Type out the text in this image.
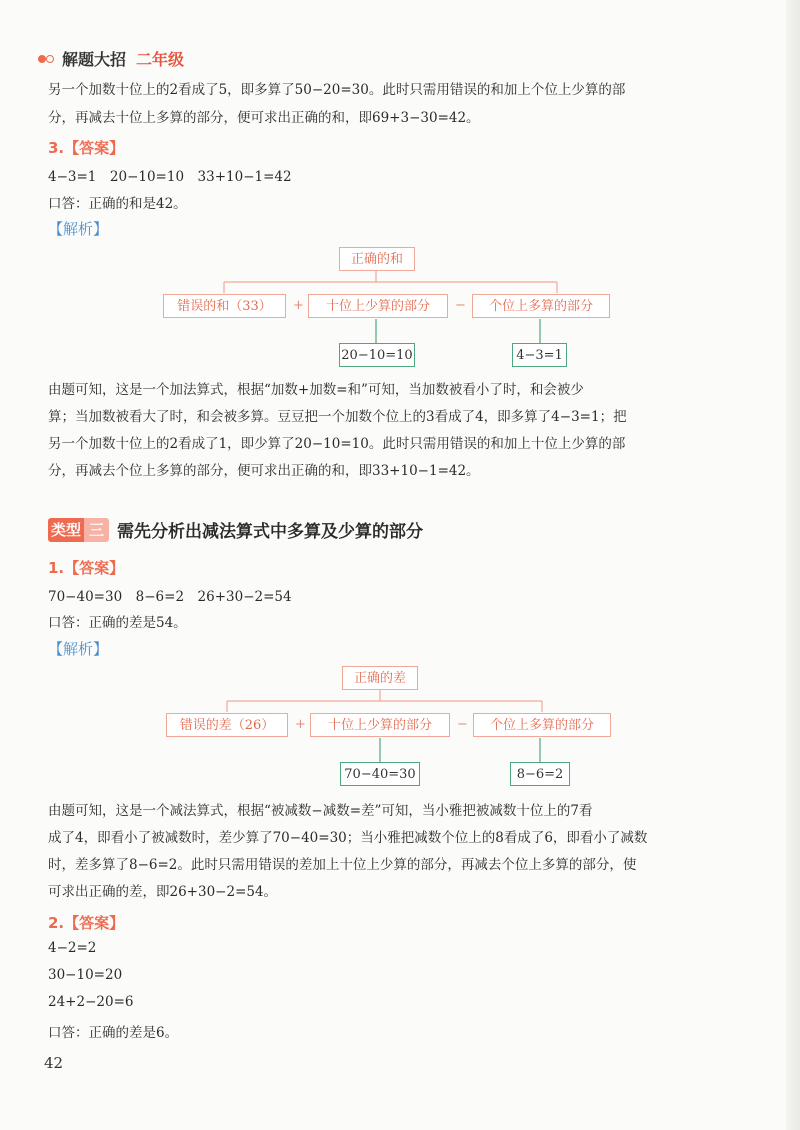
解题大招 二年级

另一个加数十位上的2看成了5，即多算了50−20=30。此时只需用错误的和加上个位上少算的部

分，再减去十位上多算的部分，便可求出正确的和，即69+3−30=42。

3.【答案】

4−3=1　20−10=10　33+10−1=42

口答：正确的和是42。

【解析】
正确的和
错误的和（33）	+	十位上少算的部分	−	个位上多算的部分
20−10=10	4−3=1

由题可知，这是一个加法算式，根据“加数+加数=和”可知，当加数被看小了时，和会被少

算；当加数被看大了时，和会被多算。豆豆把一个加数个位上的3看成了4，即多算了4−3=1；把

另一个加数十位上的2看成了1，即少算了20−10=10。此时只需用错误的和加上十位上少算的部

分，再减去个位上多算的部分，便可求出正确的和，即33+10−1=42。

类型 三 需先分析出减法算式中多算及少算的部分
1.【答案】

70−40=30　8−6=2　26+30−2=54

口答：正确的差是54。

【解析】
正确的差
错误的差（26）	+	十位上少算的部分	−	个位上多算的部分
70−40=30	8−6=2

由题可知，这是一个减法算式，根据“被减数−减数=差”可知，当小雅把被减数十位上的7看

成了4，即看小了被减数时，差少算了70−40=30；当小雅把减数个位上的8看成了6，即看小了减数

时，差多算了8−6=2。此时只需用错误的差加上十位上少算的部分，再减去个位上多算的部分，使

可求出正确的差，即26+30−2=54。

2.【答案】

4−2=2

30−10=20

24+2−20=6

口答：正确的差是6。

42
